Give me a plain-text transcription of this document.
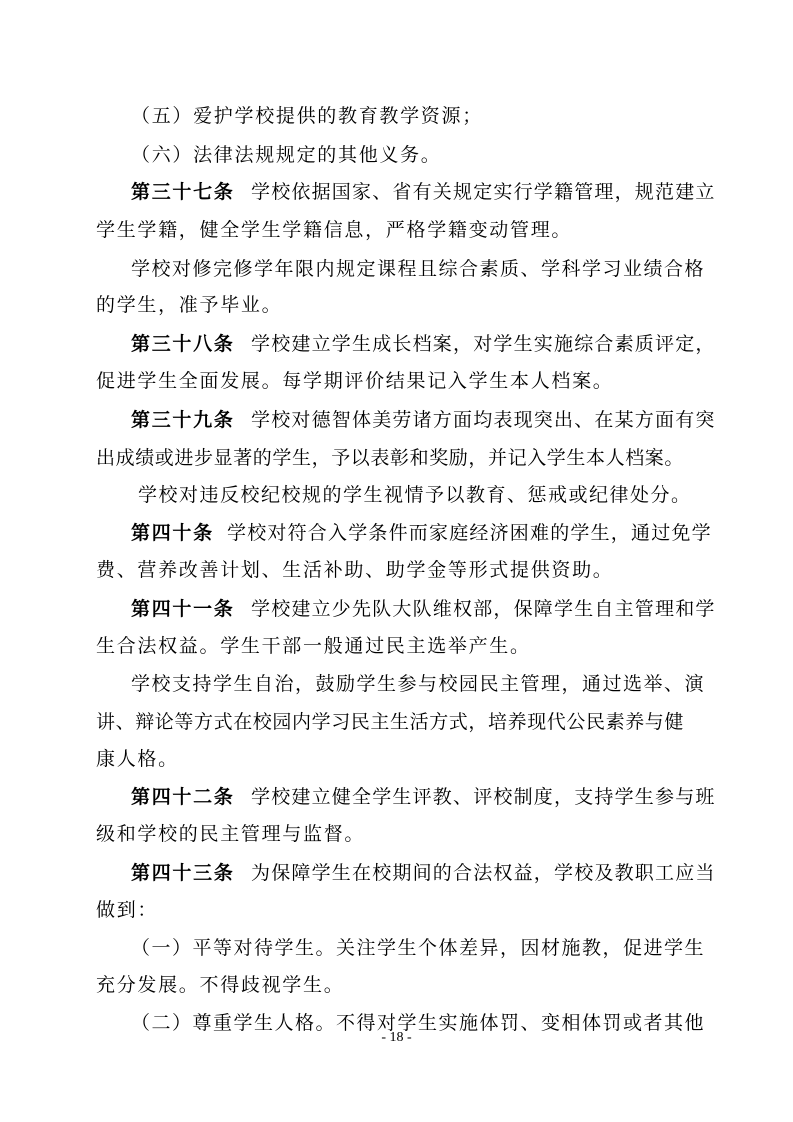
（五）爱护学校提供的教育教学资源；
（六）法律法规规定的其他义务。
第三十七条 学校依据国家、省有关规定实行学籍管理，规范建立
学生学籍，健全学生学籍信息，严格学籍变动管理。
学校对修完修学年限内规定课程且综合素质、学科学习业绩合格
的学生，准予毕业。
第三十八条 学校建立学生成长档案，对学生实施综合素质评定，
促进学生全面发展。每学期评价结果记入学生本人档案。
第三十九条 学校对德智体美劳诸方面均表现突出、在某方面有突
出成绩或进步显著的学生，予以表彰和奖励，并记入学生本人档案。
学校对违反校纪校规的学生视情予以教育、惩戒或纪律处分。
第四十条 学校对符合入学条件而家庭经济困难的学生，通过免学
费、营养改善计划、生活补助、助学金等形式提供资助。
第四十一条 学校建立少先队大队维权部，保障学生自主管理和学
生合法权益。学生干部一般通过民主选举产生。
学校支持学生自治，鼓励学生参与校园民主管理，通过选举、演
讲、辩论等方式在校园内学习民主生活方式，培养现代公民素养与健
康人格。
第四十二条 学校建立健全学生评教、评校制度，支持学生参与班
级和学校的民主管理与监督。
第四十三条 为保障学生在校期间的合法权益，学校及教职工应当
做到：
（一）平等对待学生。关注学生个体差异，因材施教，促进学生
充分发展。不得歧视学生。
（二）尊重学生人格。不得对学生实施体罚、变相体罚或者其他
- 18 -
